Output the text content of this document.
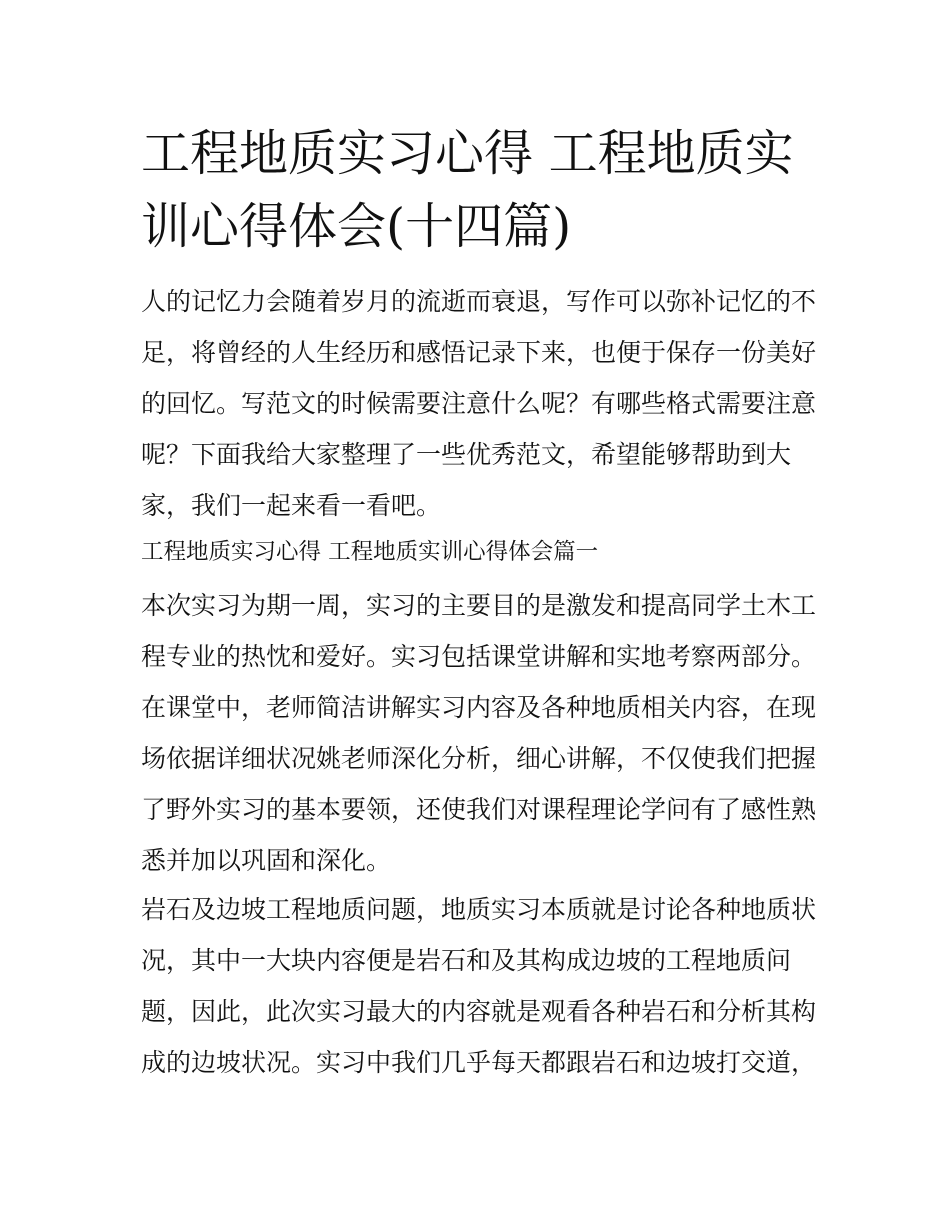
工程地质实习心得 工程地质实
训心得体会(十四篇)
人的记忆力会随着岁月的流逝而衰退，写作可以弥补记忆的不
足，将曾经的人生经历和感悟记录下来，也便于保存一份美好
的回忆。写范文的时候需要注意什么呢？有哪些格式需要注意
呢？下面我给大家整理了一些优秀范文，希望能够帮助到大
家，我们一起来看一看吧。
工程地质实习心得 工程地质实训心得体会篇一
本次实习为期一周，实习的主要目的是激发和提高同学土木工
程专业的热忱和爱好。实习包括课堂讲解和实地考察两部分。
在课堂中，老师简洁讲解实习内容及各种地质相关内容，在现
场依据详细状况姚老师深化分析，细心讲解，不仅使我们把握
了野外实习的基本要领，还使我们对课程理论学问有了感性熟
悉并加以巩固和深化。
岩石及边坡工程地质问题，地质实习本质就是讨论各种地质状
况，其中一大块内容便是岩石和及其构成边坡的工程地质问
题，因此，此次实习最大的内容就是观看各种岩石和分析其构
成的边坡状况。实习中我们几乎每天都跟岩石和边坡打交道，
